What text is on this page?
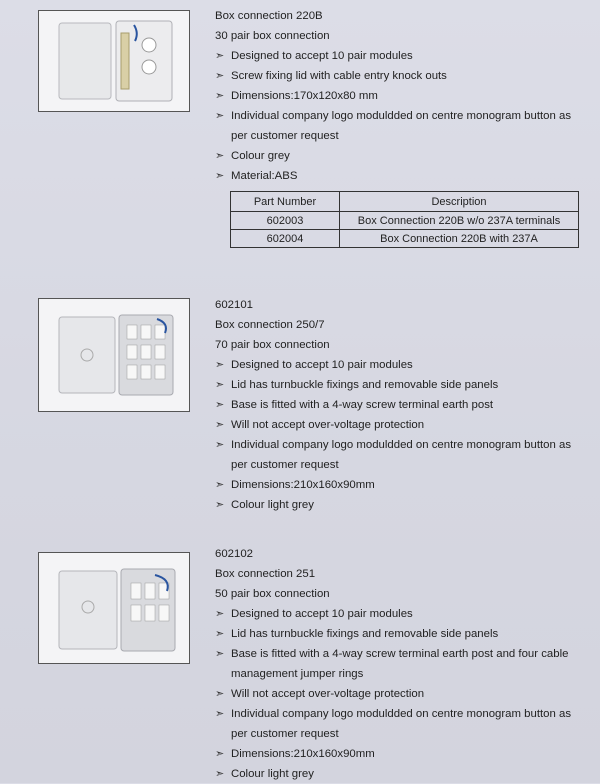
Box connection 220B
30 pair box connection
➣ Designed to accept 10 pair modules
➣ Screw fixing lid with cable entry knock outs
➣ Dimensions:170x120x80 mm
➣ Individual company logo moduldded on centre monogram button as
per customer request
➣ Colour grey
➣ Material:ABS
Part Number	Description
602003	Box Connection 220B w/o 237A terminals
602004	Box Connection 220B with 237A
602101
Box connection 250/7
70 pair box connection
➣ Designed to accept 10 pair modules
➣ Lid has turnbuckle fixings and removable side panels
➣ Base is fitted with a 4-way screw terminal earth post
➣ Will not accept over-voltage protection
➣ Individual company logo moduldded on centre monogram button as
per customer request
➣ Dimensions:210x160x90mm
➣ Colour light grey
602102
Box connection 251
50 pair box connection
➣ Designed to accept 10 pair modules
➣ Lid has turnbuckle fixings and removable side panels
➣ Base is fitted with a 4-way screw terminal earth post and four cable
management jumper rings
➣ Will not accept over-voltage protection
➣ Individual company logo moduldded on centre monogram button as
per customer request
➣ Dimensions:210x160x90mm
➣ Colour light grey
